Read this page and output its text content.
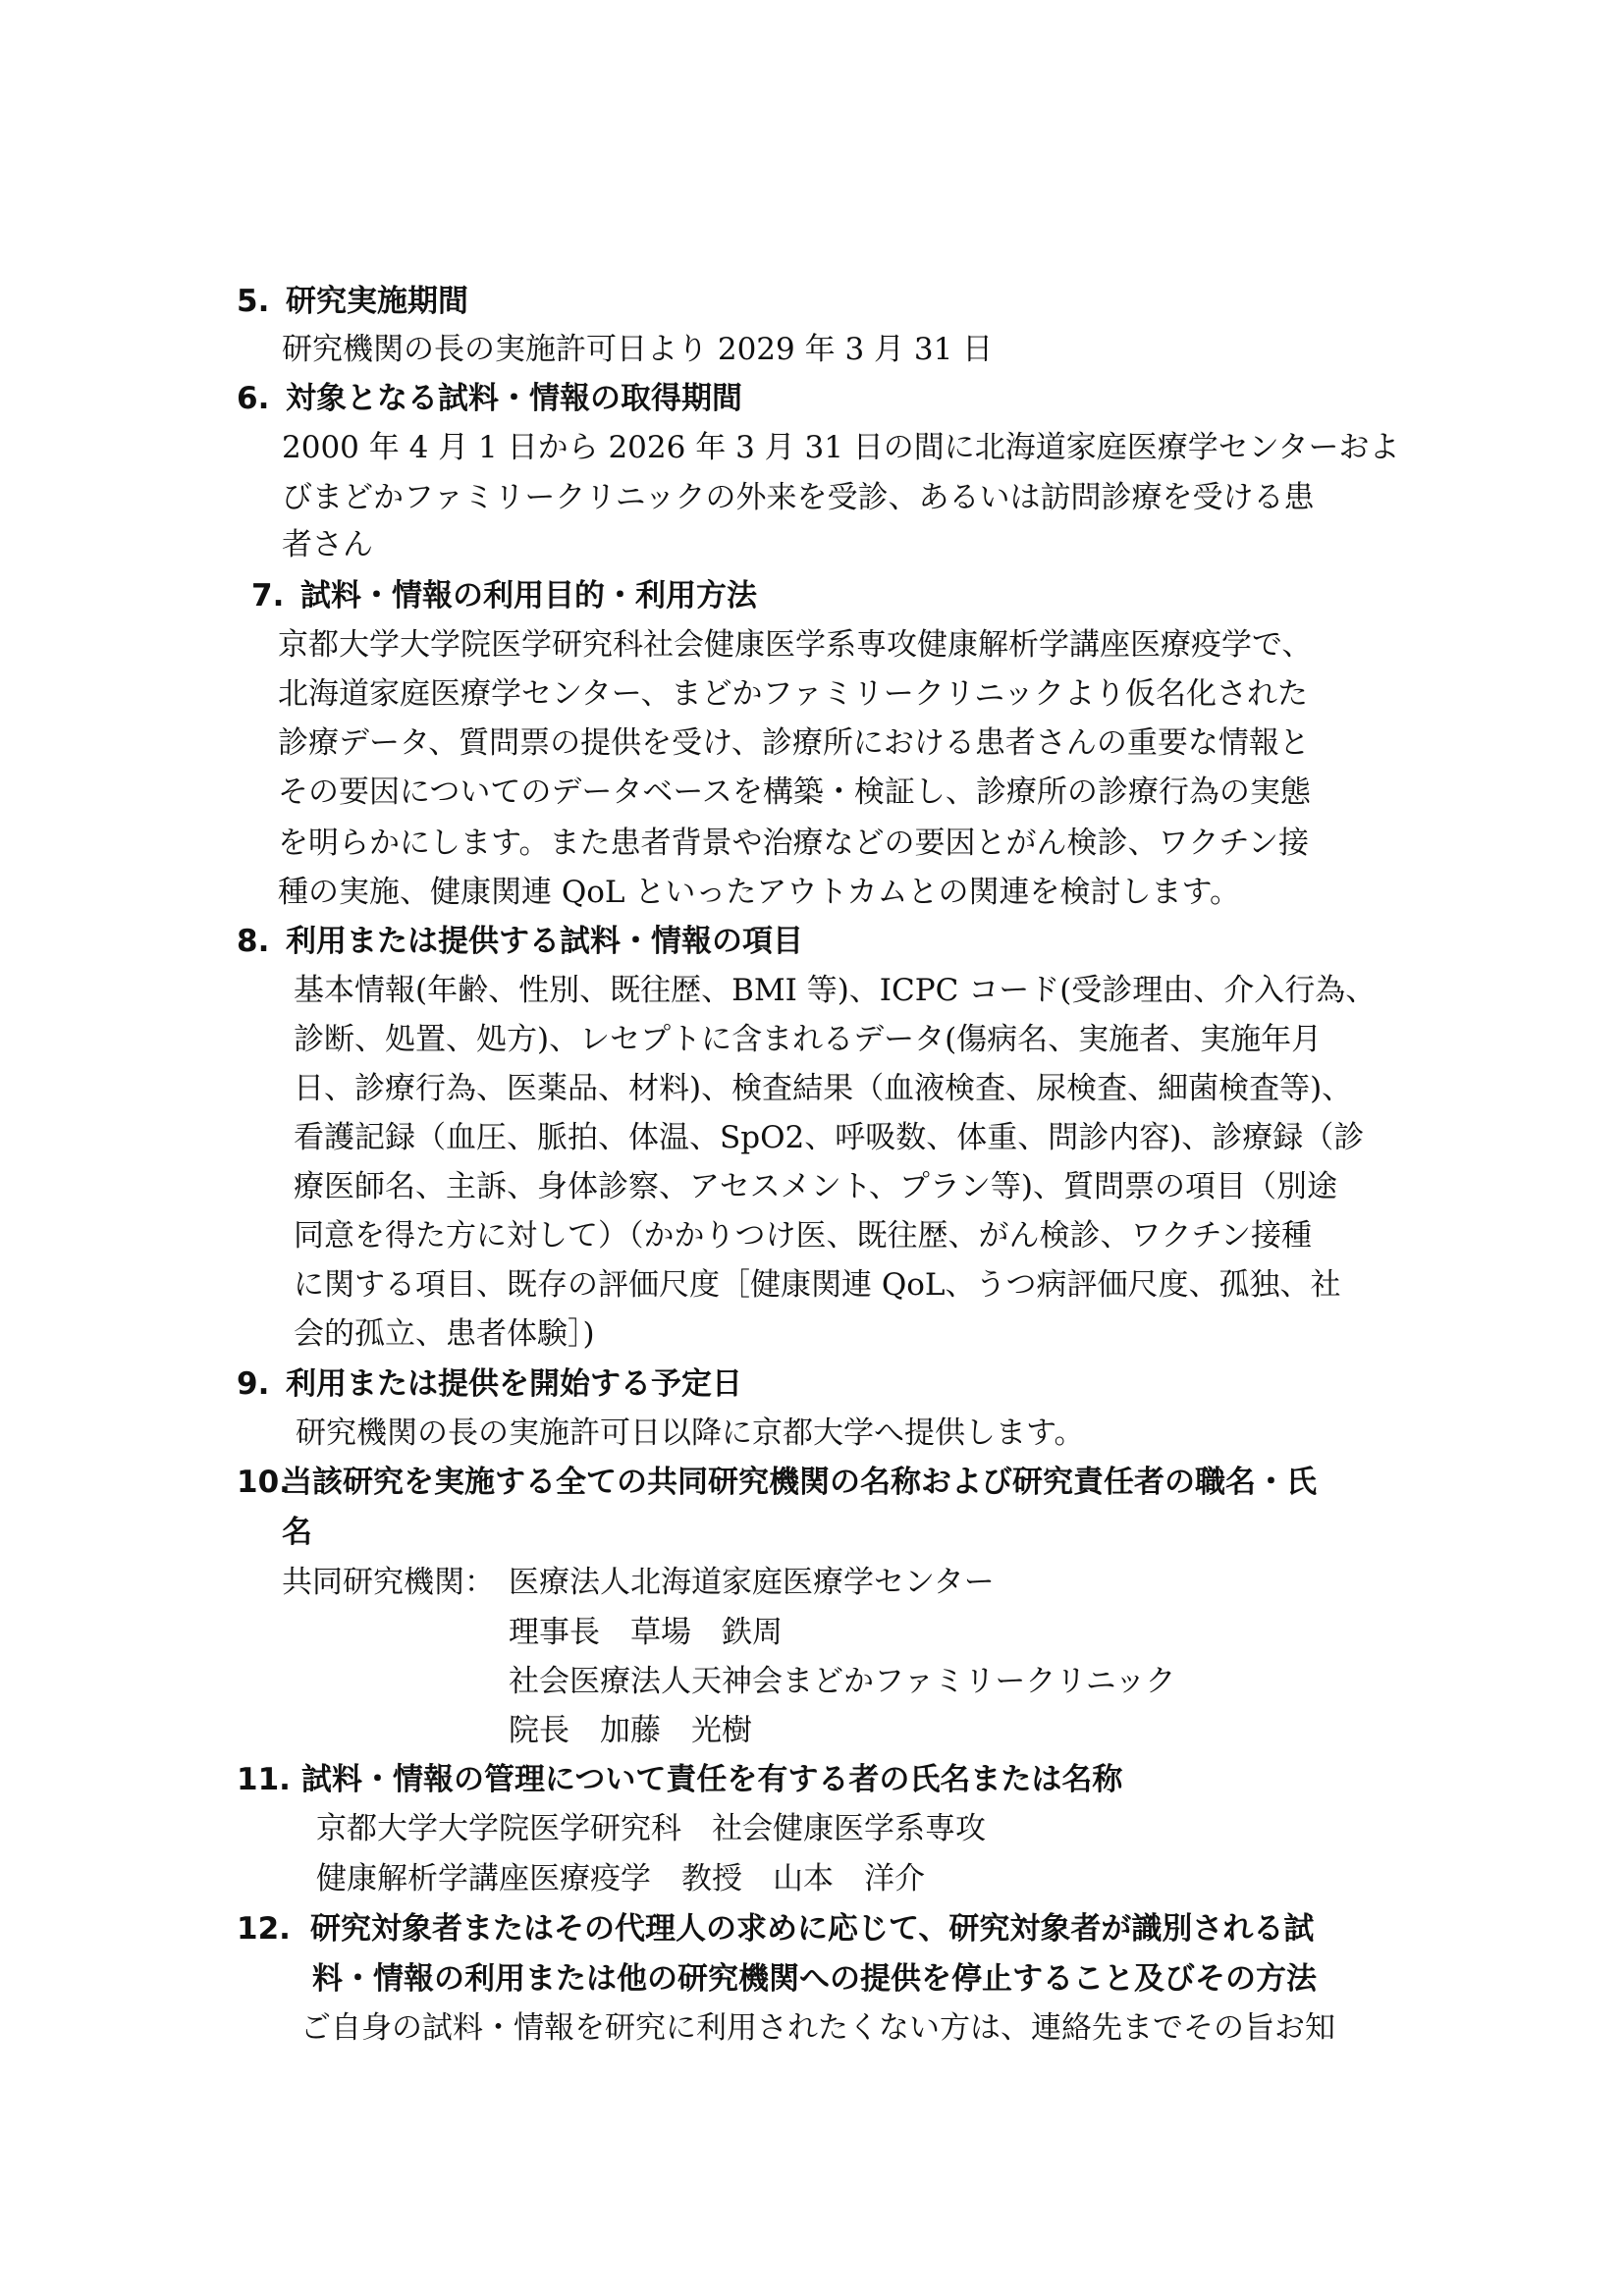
5. 研究実施期間
研究機関の長の実施許可日より 2029 年 3 月 31 日
6. 対象となる試料・情報の取得期間
2000 年 4 月 1 日から 2026 年 3 月 31 日の間に北海道家庭医療学センターおよ
びまどかファミリークリニックの外来を受診、あるいは訪問診療を受ける患
者さん
7. 試料・情報の利用目的・利用方法
京都大学大学院医学研究科社会健康医学系専攻健康解析学講座医療疫学で、
北海道家庭医療学センター、まどかファミリークリニックより仮名化された
診療データ、質問票の提供を受け、診療所における患者さんの重要な情報と
その要因についてのデータベースを構築・検証し、診療所の診療行為の実態
を明らかにします。また患者背景や治療などの要因とがん検診、ワクチン接
種の実施、健康関連 QoL といったアウトカムとの関連を検討します。
8. 利用または提供する試料・情報の項目
基本情報(年齢、性別、既往歴、BMI 等)、ICPC コード(受診理由、介入行為、
診断、処置、処方)、レセプトに含まれるデータ(傷病名、実施者、実施年月
日、診療行為、医薬品、材料)、検査結果（血液検査、尿検査、細菌検査等)、
看護記録（血圧、脈拍、体温、SpO2、呼吸数、体重、問診内容)、診療録（診
療医師名、主訴、身体診察、アセスメント、プラン等)、質問票の項目（別途
同意を得た方に対して）（かかりつけ医、既往歴、がん検診、ワクチン接種
に関する項目、既存の評価尺度［健康関連 QoL、うつ病評価尺度、孤独、社
会的孤立、患者体験］)
9. 利用または提供を開始する予定日
研究機関の長の実施許可日以降に京都大学へ提供します。
10.当該研究を実施する全ての共同研究機関の名称および研究責任者の職名・氏
名
共同研究機関： 医療法人北海道家庭医療学センター
理事長　草場　鉄周
社会医療法人天神会まどかファミリークリニック
院長　加藤　光樹
11. 試料・情報の管理について責任を有する者の氏名または名称
京都大学大学院医学研究科　社会健康医学系専攻
健康解析学講座医療疫学　教授　山本　洋介
12. 研究対象者またはその代理人の求めに応じて、研究対象者が識別される試
料・情報の利用または他の研究機関への提供を停止すること及びその方法
ご自身の試料・情報を研究に利用されたくない方は、連絡先までその旨お知
